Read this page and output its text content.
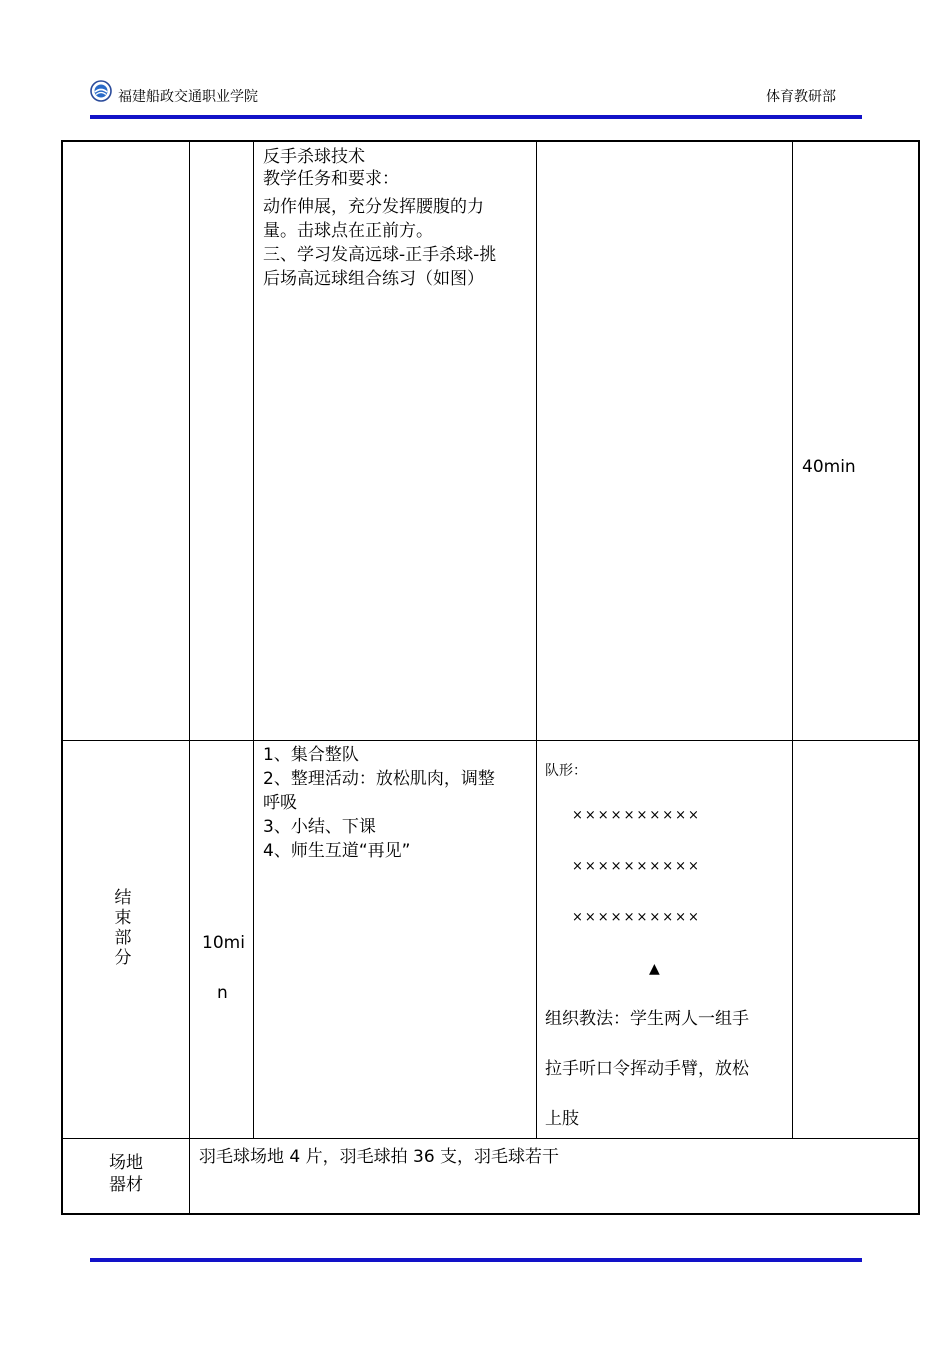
福建船政交通职业学院	体育教研部
反手杀球技术
教学任务和要求：
动作伸展，充分发挥腰腹的力
量。击球点在正前方。
三、学习发高远球-正手杀球-挑
后场高远球组合练习（如图）
40min
结
束
部
分
10mi
n
1、集合整队
2、整理活动：放松肌肉，调整
呼吸
3、小结、下课
4、师生互道“再见”
队形：
××××××××××
××××××××××
××××××××××
▲
组织教法：学生两人一组手
拉手听口令挥动手臂，放松
上肢
场地
器材
羽毛球场地 4 片，羽毛球拍 36 支，羽毛球若干
